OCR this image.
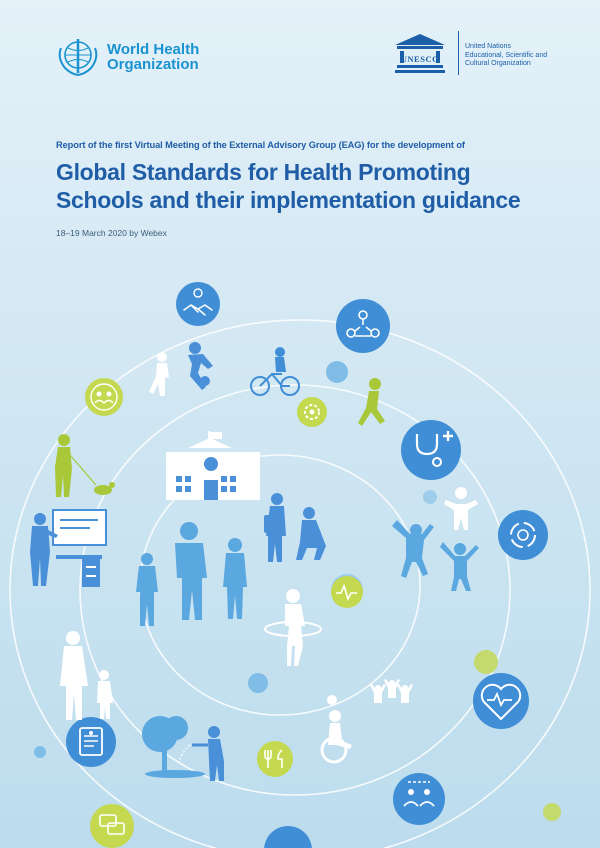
World Health
Organization	UNESCO
United Nations
Educational, Scientific and
Cultural Organization
Report of the first Virtual Meeting of the External Advisory Group (EAG) for the development of
Global Standards for Health Promoting
Schools and their implementation guidance
18–19 March 2020 by Webex
